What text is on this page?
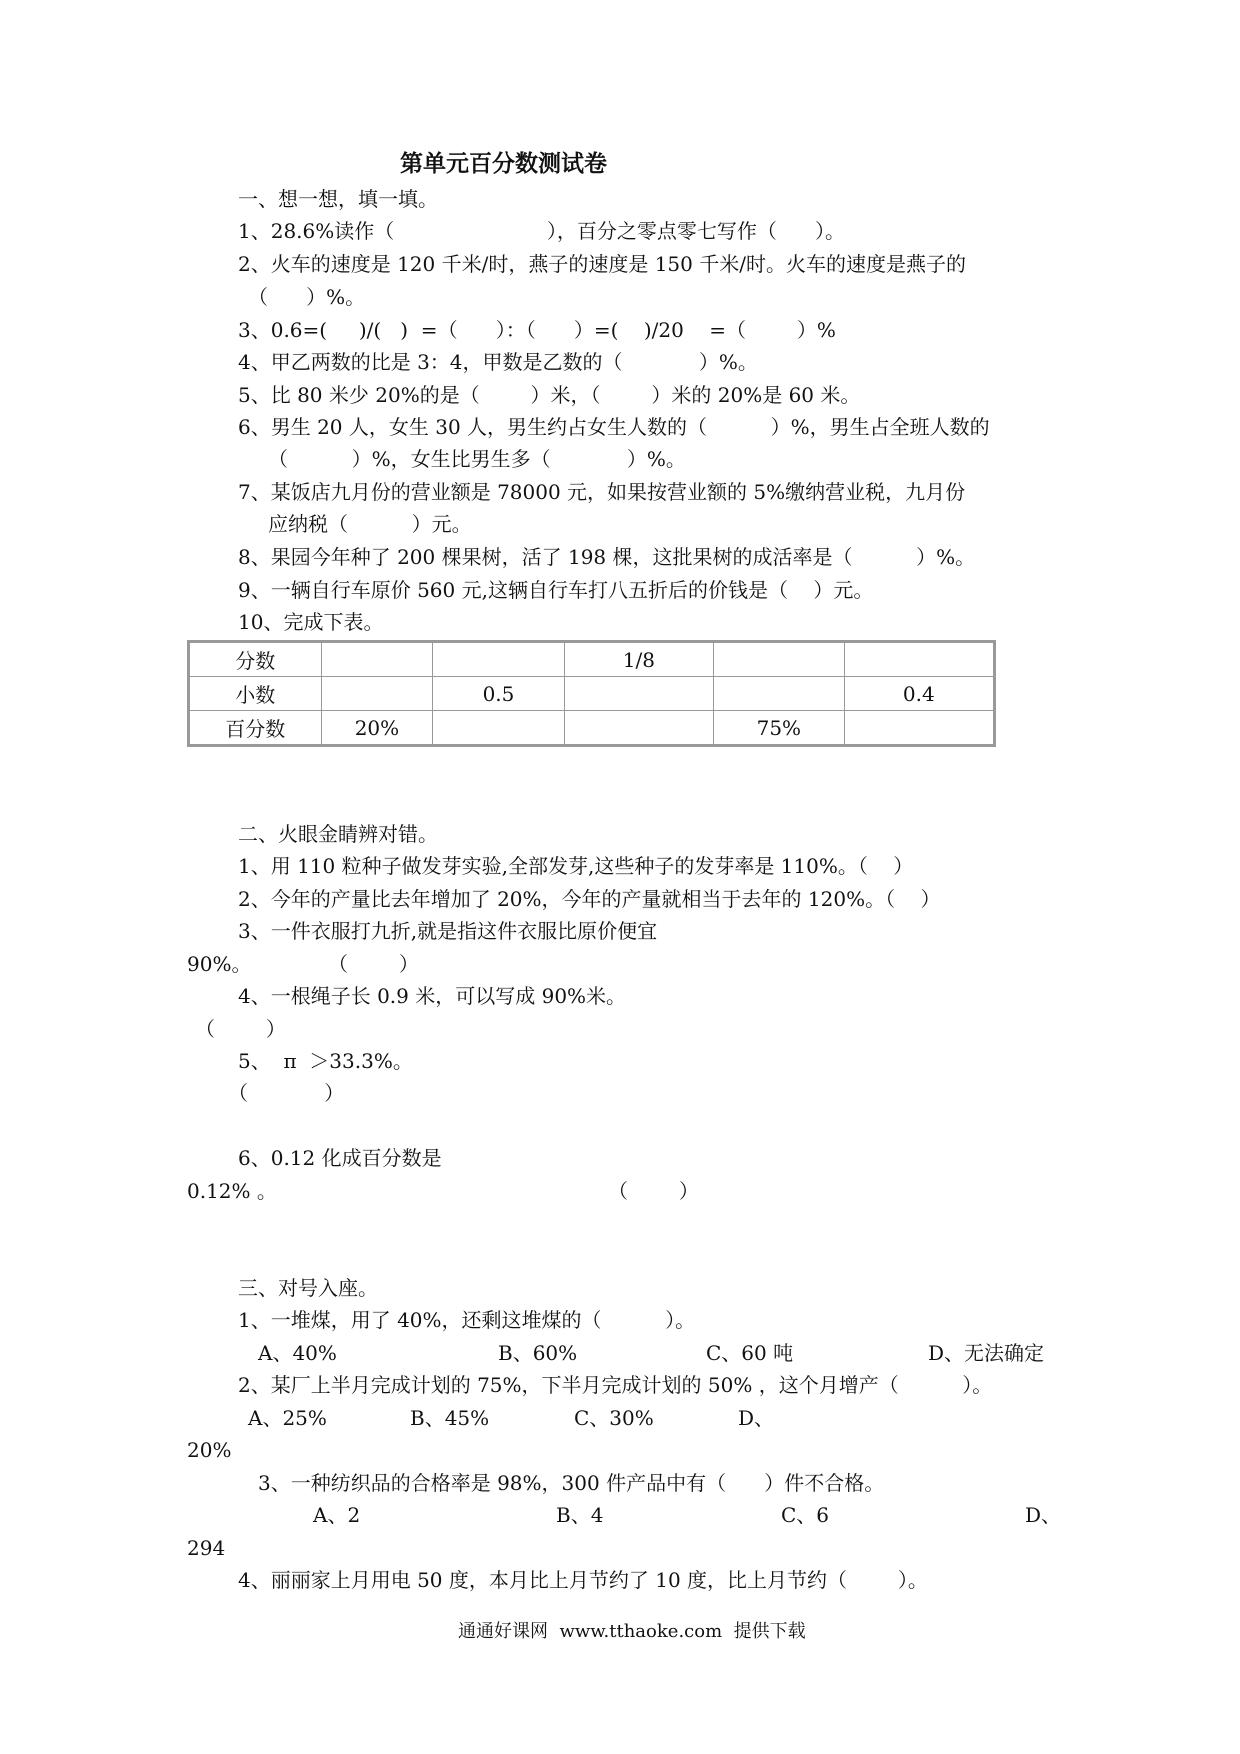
第单元百分数测试卷
一、想一想，填一填。
1、28.6%读作（                        ），百分之零点零七写作（      ）。
2、火车的速度是 120 千米/时，燕子的速度是 150 千米/时。火车的速度是燕子的
（      ）%。
3、0.6=(     )/(   )  =（      ）：（      ）=(    )/20    =（        ）%
4、甲乙两数的比是 3：4，甲数是乙数的（            ）%。
5、比 80 米少 20%的是（        ）米，（        ）米的 20%是 60 米。
6、男生 20 人，女生 30 人，男生约占女生人数的（          ）%，男生占全班人数的
（          ）%，女生比男生多（            ）%。
7、某饭店九月份的营业额是 78000 元，如果按营业额的 5%缴纳营业税，九月份
应纳税（          ）元。
8、果园今年种了 200 棵果树，活了 198 棵，这批果树的成活率是（          ）%。
9、一辆自行车原价 560 元,这辆自行车打八五折后的价钱是（    ）元。
10、完成下表。
分数			1/8		
小数		0.5			0.4
百分数	20%			75%	
二、火眼金睛辨对错。
1、用 110 粒种子做发芽实验,全部发芽,这些种子的发芽率是 110%。（    ）
2、今年的产量比去年增加了 20%，今年的产量就相当于去年的 120%。（    ）
3、一件衣服打九折,就是指这件衣服比原价便宜
90%。	（        ）
4、一根绳子长 0.9 米，可以写成 90%米。
（        ）
5、  π  ＞33.3%。
（            ）
6、0.12 化成百分数是
0.12% 。	（        ）
三、对号入座。
1、一堆煤，用了 40%，还剩这堆煤的（          ）。
A、40%	B、60%	C、60 吨	D、无法确定
2、某厂上半月完成计划的 75%，下半月完成计划的 50% ，这个月增产（          ）。
A、25%	B、45%	C、30%	D、
20%
3、一种纺织品的合格率是 98%，300 件产品中有（      ）件不合格。
A、2	B、4	C、6	D、
294
4、丽丽家上月用电 50 度，本月比上月节约了 10 度，比上月节约（        ）。
通通好课网  www.tthaoke.com  提供下载
